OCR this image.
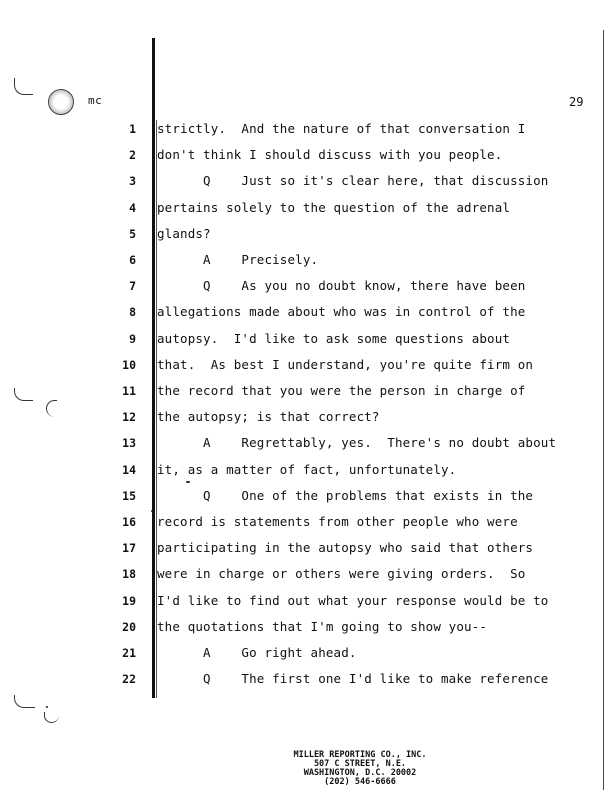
mc	29
1 strictly.  And the nature of that conversation I
2 don't think I should discuss with you people.
3 Q    Just so it's clear here, that discussion
4 pertains solely to the question of the adrenal
5 glands?
6 A    Precisely.
7 Q    As you no doubt know, there have been
8 allegations made about who was in control of the
9 autopsy.  I'd like to ask some questions about
10 that.  As best I understand, you're quite firm on
11 the record that you were the person in charge of
12 the autopsy; is that correct?
13 A    Regrettably, yes.  There's no doubt about
14 it, as a matter of fact, unfortunately.
15 Q    One of the problems that exists in the
16 record is statements from other people who were
17 participating in the autopsy who said that others
18 were in charge or others were giving orders.  So
19 I'd like to find out what your response would be to
20 the quotations that I'm going to show you--
21 A    Go right ahead.
22 Q    The first one I'd like to make reference
MILLER REPORTING CO., INC.
507 C STREET, N.E.
WASHINGTON, D.C. 20002
(202) 546-6666
